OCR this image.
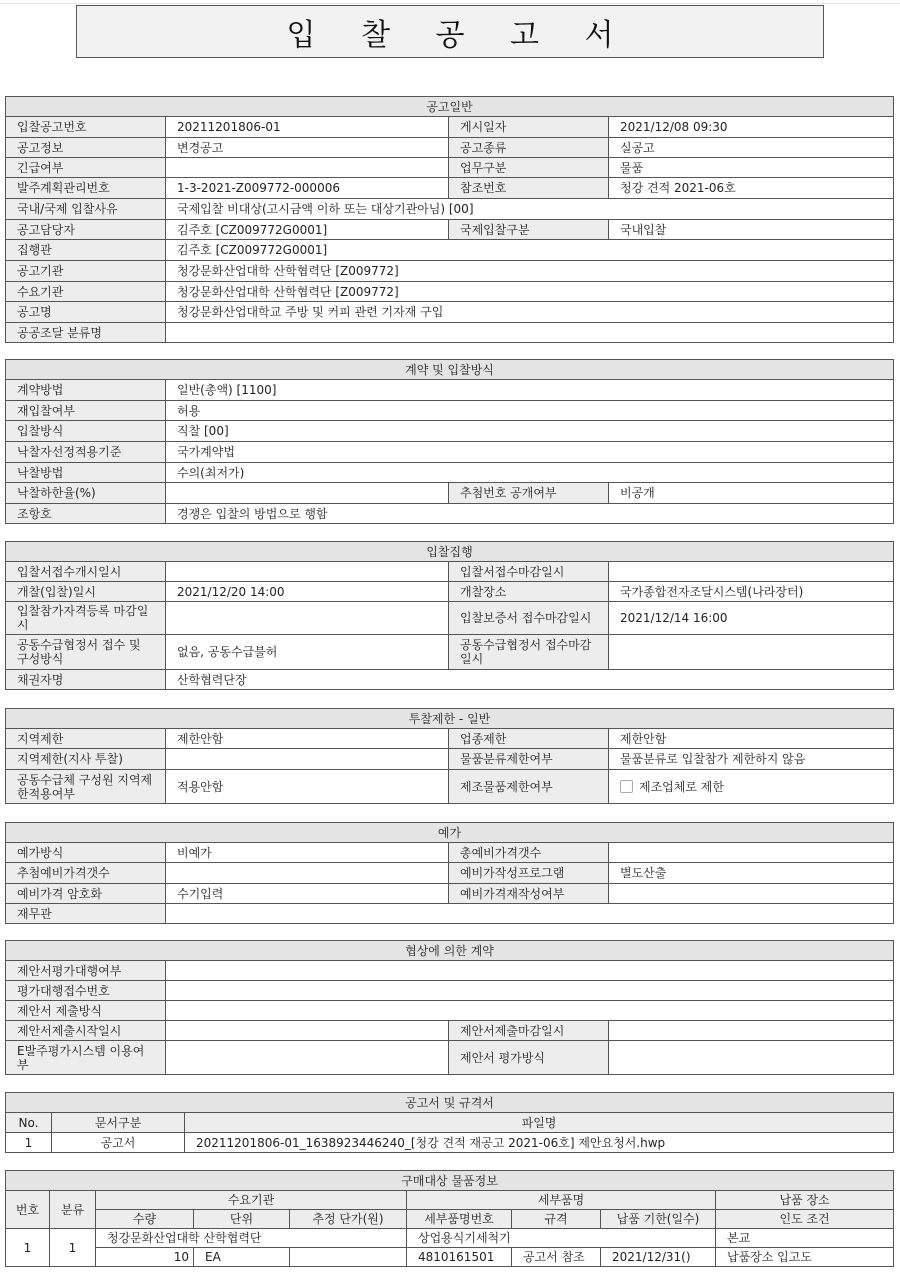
입 찰 공 고 서
공고일반			
입찰공고번호	20211201806-01	게시일자	2021/12/08 09:30
공고정보	변경공고	공고종류	실공고
긴급여부		업무구분	물품
발주계획관리번호	1-3-2021-Z009772-000006	참조번호	청강 견적 2021-06호
국내/국제 입찰사유	국제입찰 비대상(고시금액 이하 또는 대상기관아님) [00]		
공고담당자	김주호 [CZ009772G0001]	국제입찰구분	국내입찰
집행관	김주호 [CZ009772G0001]		
공고기관	청강문화산업대학 산학협력단 [Z009772]		
수요기관	청강문화산업대학 산학협력단 [Z009772]		
공고명	청강문화산업대학교 주방 및 커피 관련 기자재 구입		
공공조달 분류명			
계약 및 입찰방식			
계약방법	일반(총액) [1100]		
재입찰여부	허용		
입찰방식	직찰 [00]		
낙찰자선정적용기준	국가계약법		
낙찰방법	수의(최저가)		
낙찰하한율(%)		추첨번호 공개여부	비공개
조항호	경쟁은 입찰의 방법으로 행함		
입찰집행			
입찰서접수개시일시		입찰서접수마감일시	
개찰(입찰)일시	2021/12/20 14:00	개찰장소	국가종합전자조달시스템(나라장터)
입찰참가자격등록 마감일시		입찰보증서 접수마감일시	2021/12/14 16:00
공동수급협정서 접수 및 구성방식	없음, 공동수급불허	공동수급협정서 접수마감일시	
채권자명	산학협력단장		
투찰제한 - 일반			
지역제한	제한안함	업종제한	제한안함
지역제한(지사 투찰)		물품분류제한여부	물품분류로 입찰참가 제한하지 않음
공동수급체 구성원 지역제한적용여부	적용안함	제조물품제한여부	제조업체로 제한
예가			
예가방식	비예가	총예비가격갯수	
추첨예비가격갯수		예비가작성프로그램	별도산출
예비가격 암호화	수기입력	예비가격재작성여부	
재무관			
협상에 의한 계약			
제안서평가대행여부			
평가대행접수번호			
제안서 제출방식			
제안서제출시작일시		제안서제출마감일시	
E발주평가시스템 이용여부		제안서 평가방식	
공고서 및 규격서		
No.	문서구분	파일명
1	공고서	20211201806-01_1638923446240_[청강 견적 재공고 2021-06호] 제안요청서.hwp
구매대상 물품정보								
번호	분류	수요기관			세부품명			납품 장소
		수량	단위	추정 단가(원)	세부품명번호	규격	납품 기한(일수)	인도 조건
1	1	청강문화산업대학 산학협력단			상업용식기세척기			본교
		10	EA		4810161501	공고서 참조	2021/12/31()	납품장소 입고도
